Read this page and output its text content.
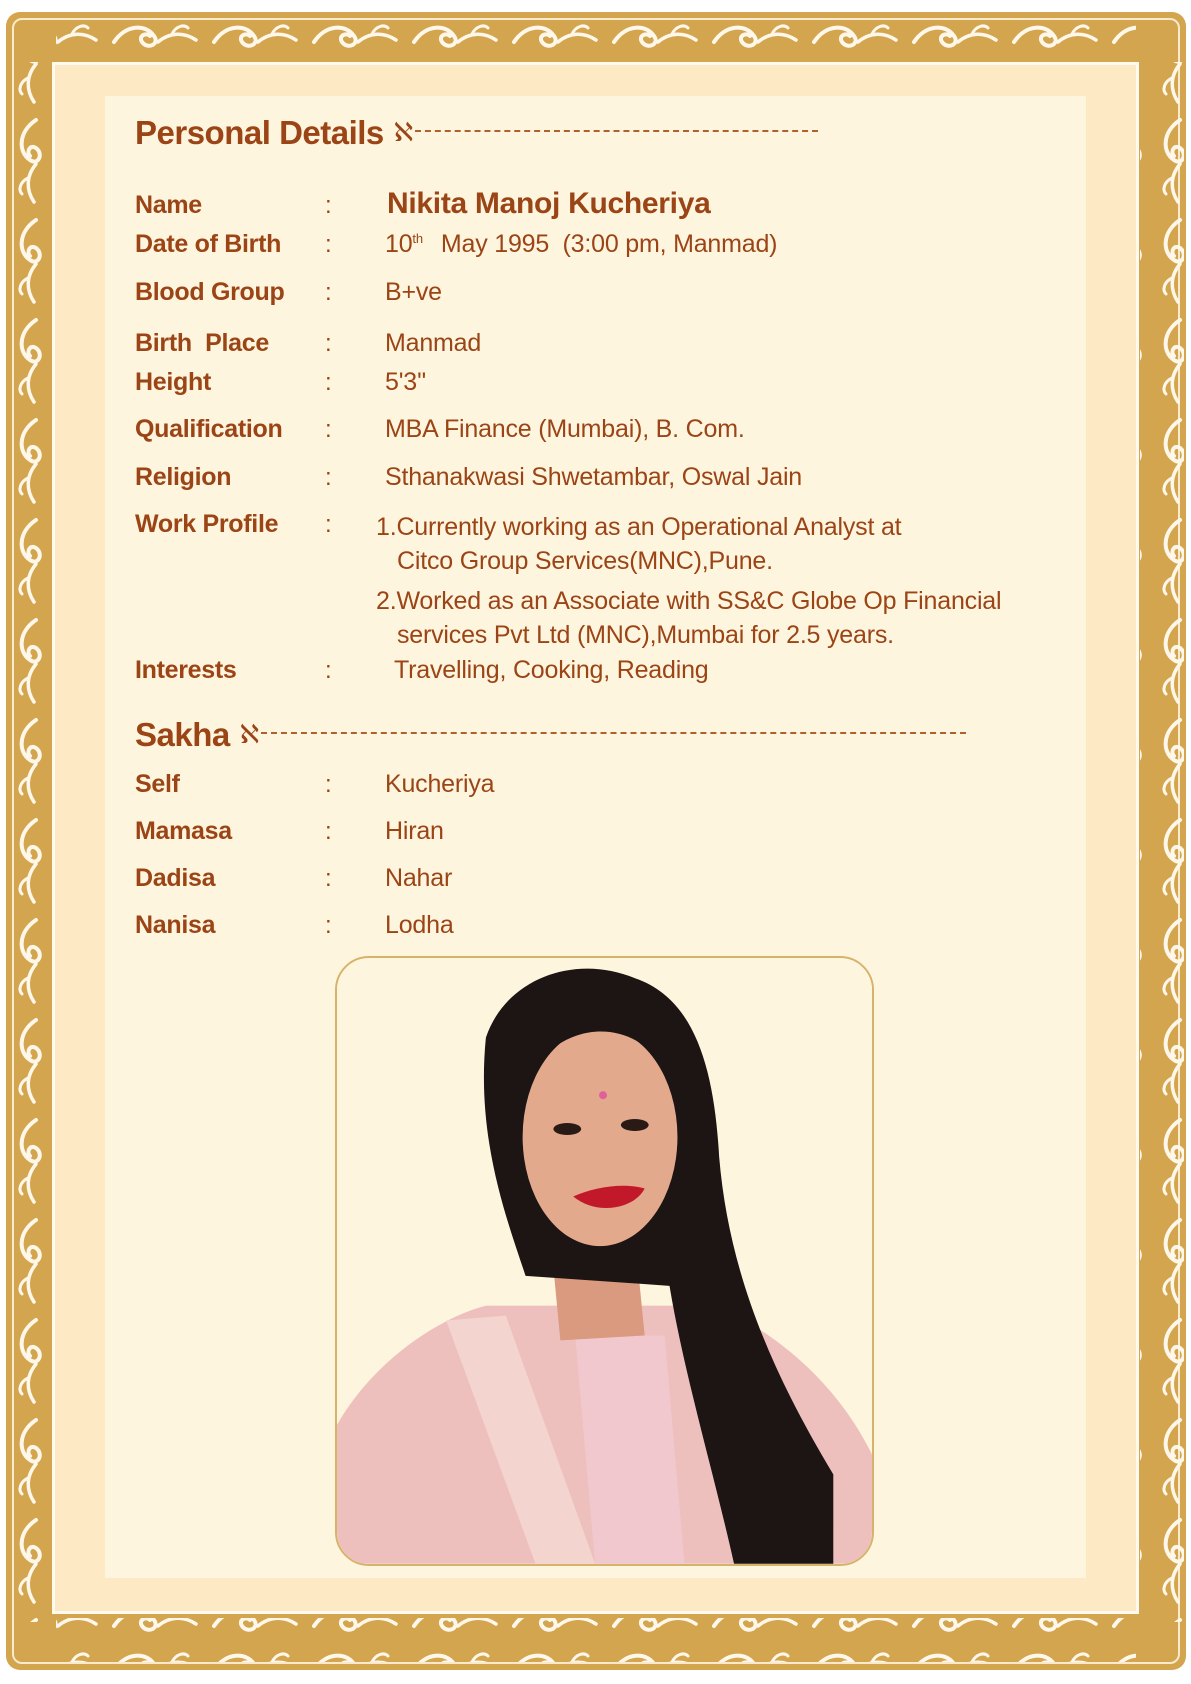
Personal Details ℵ
Name	:	Nikita Manoj Kucheriya
Date of Birth	:	10th May 1995  (3:00 pm, Manmad)
Blood Group	:	B+ve
Birth  Place	:	Manmad
Height	:	5'3''
Qualification	:	MBA Finance (Mumbai), B. Com.
Religion	:	Sthanakwasi Shwetambar, Oswal Jain
Work Profile	:	1.Currently working as an Operational Analyst at
Citco Group Services(MNC),Pune.
2.Worked as an Associate with SS&C Globe Op Financial
services Pvt Ltd (MNC),Mumbai for 2.5 years.
Interests	:	Travelling, Cooking, Reading
Sakha ℵ
Self	:	Kucheriya
Mamasa	:	Hiran
Dadisa	:	Nahar
Nanisa	:	Lodha
